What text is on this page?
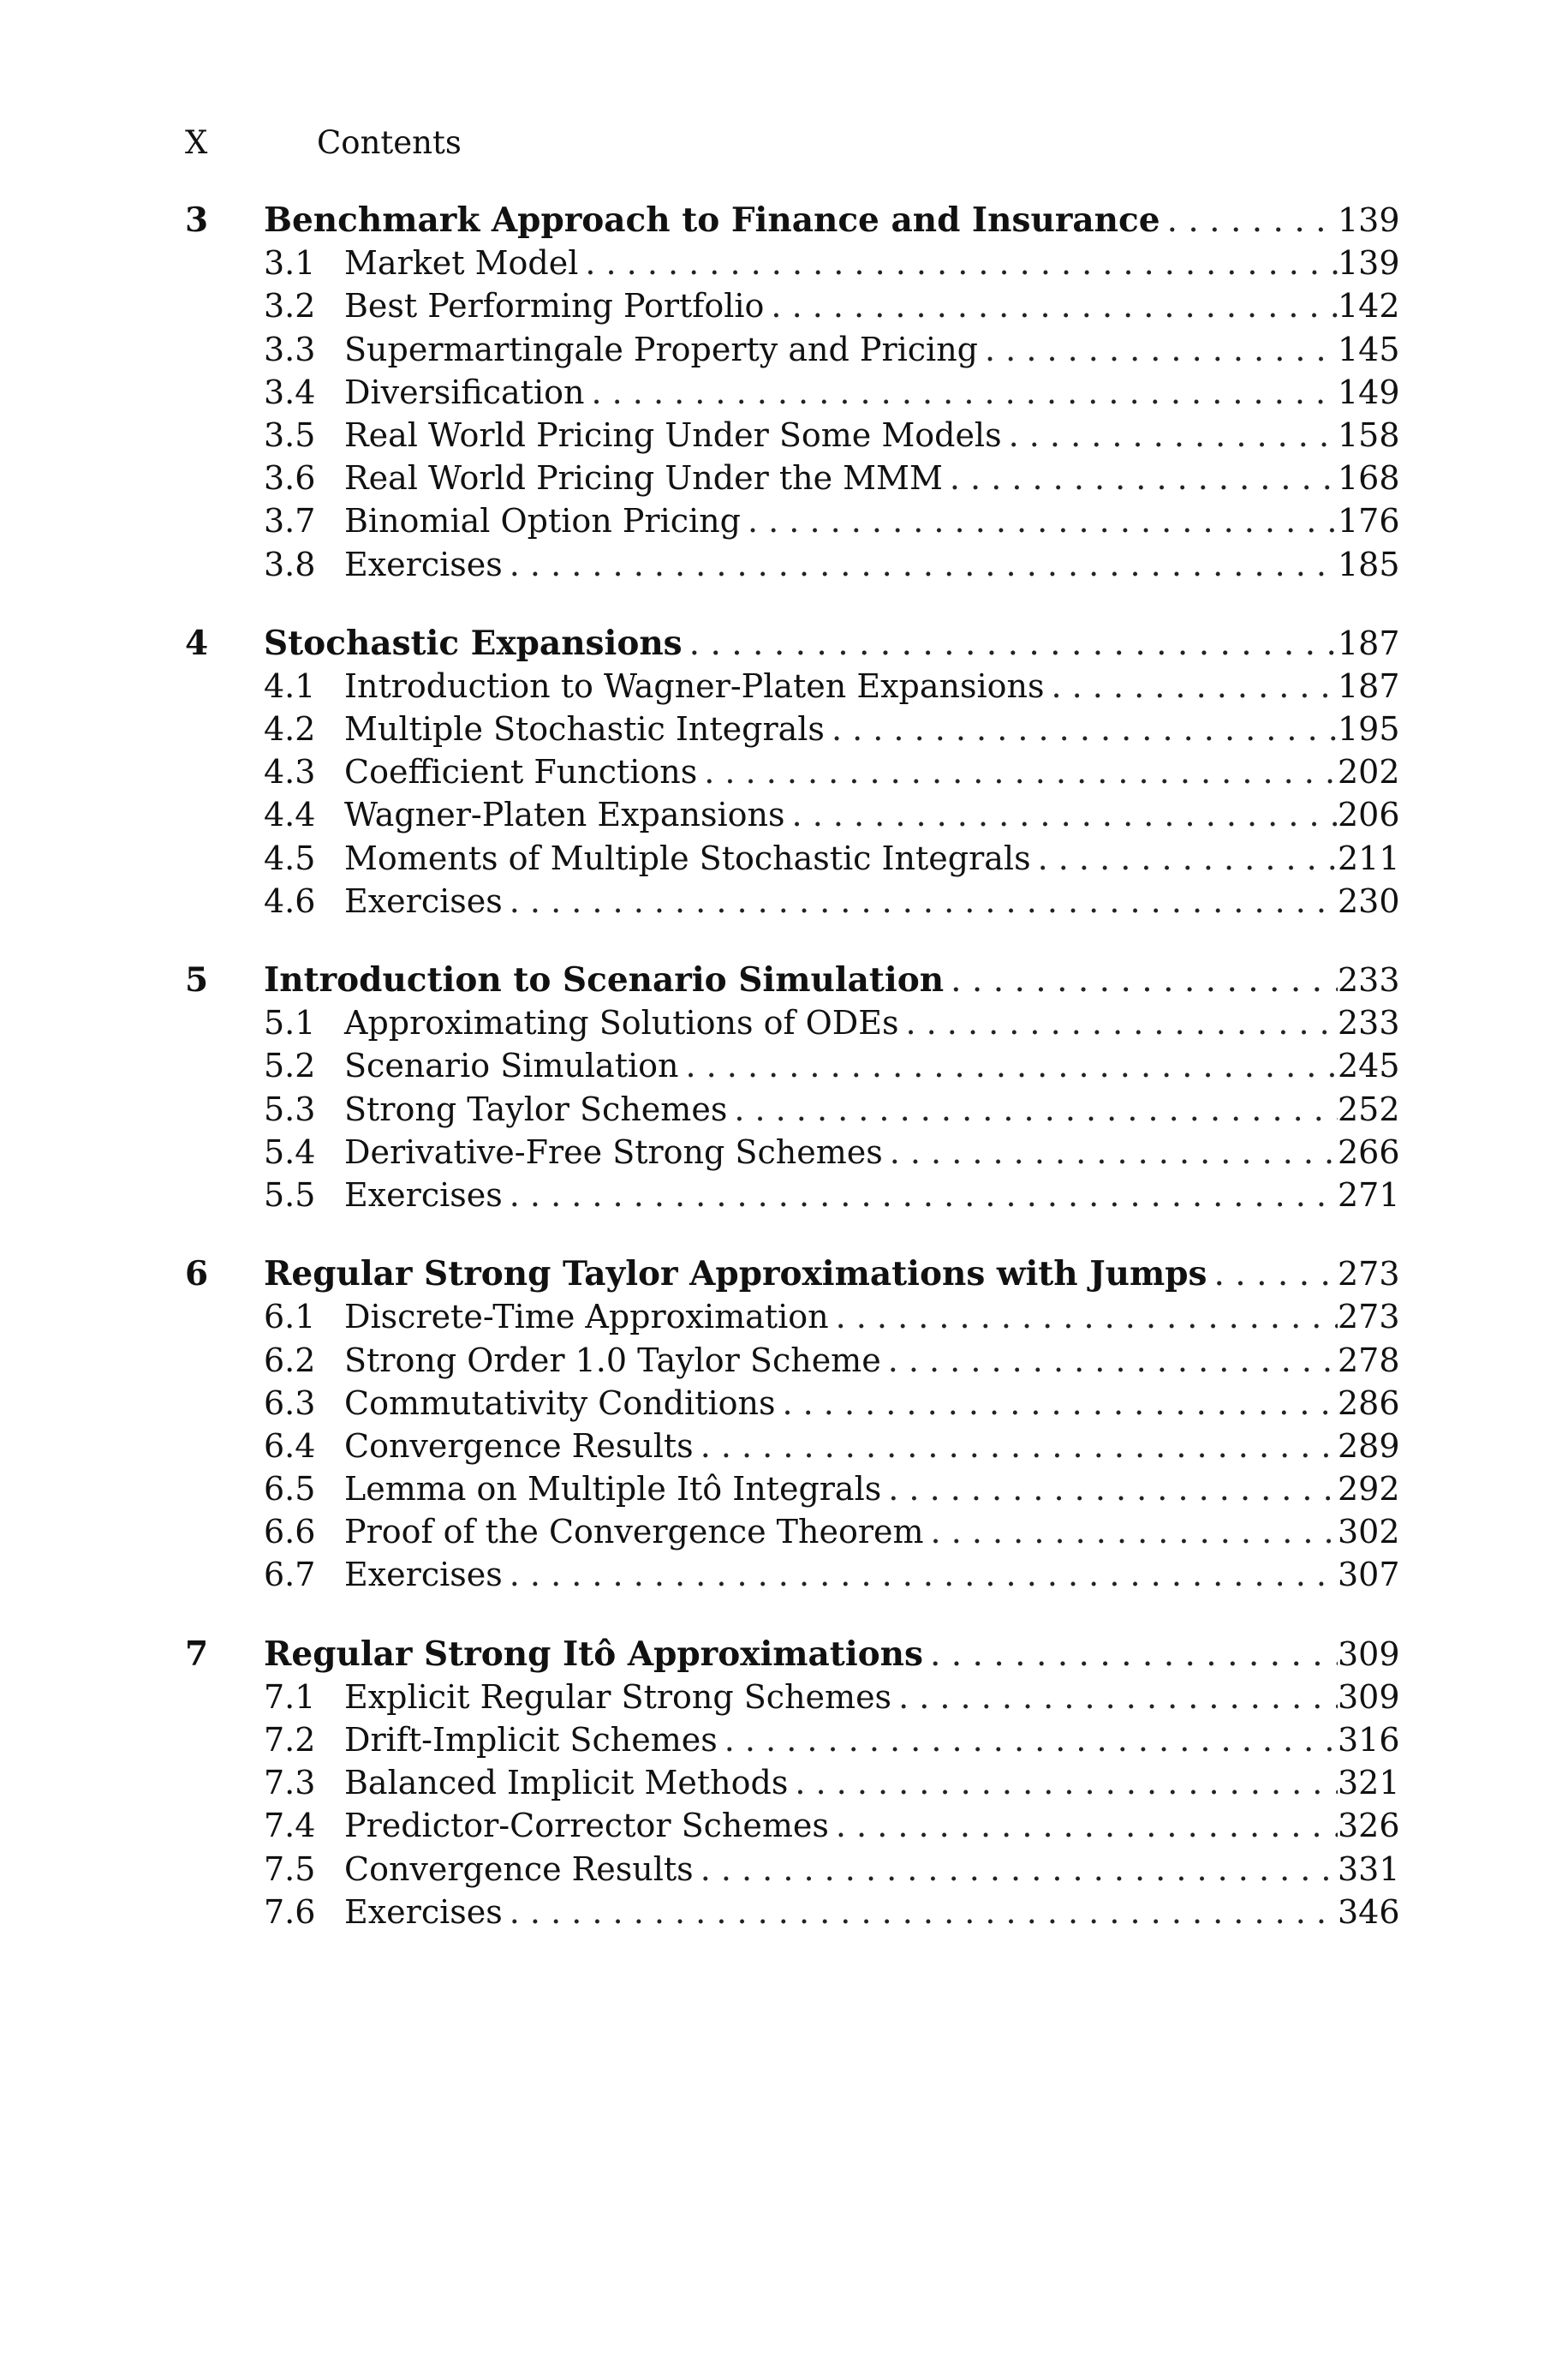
X	Contents
3	Benchmark Approach to Finance and Insurance . . .	139
3.1 Market Model . . .	139
3.2 Best Performing Portfolio . . .	142
3.3 Supermartingale Property and Pricing . . .	145
3.4 Diversification . . .	149
3.5 Real World Pricing Under Some Models . . .	158
3.6 Real World Pricing Under the MMM . . .	168
3.7 Binomial Option Pricing . . .	176
3.8 Exercises . . .	185
4	Stochastic Expansions . . .	187
4.1 Introduction to Wagner-Platen Expansions . . .	187
4.2 Multiple Stochastic Integrals . . .	195
4.3 Coefficient Functions . . .	202
4.4 Wagner-Platen Expansions . . .	206
4.5 Moments of Multiple Stochastic Integrals . . .	211
4.6 Exercises . . .	230
5	Introduction to Scenario Simulation . . .	233
5.1 Approximating Solutions of ODEs . . .	233
5.2 Scenario Simulation . . .	245
5.3 Strong Taylor Schemes . . .	252
5.4 Derivative-Free Strong Schemes . . .	266
5.5 Exercises . . .	271
6	Regular Strong Taylor Approximations with Jumps . . .	273
6.1 Discrete-Time Approximation . . .	273
6.2 Strong Order 1.0 Taylor Scheme . . .	278
6.3 Commutativity Conditions . . .	286
6.4 Convergence Results . . .	289
6.5 Lemma on Multiple Itô Integrals . . .	292
6.6 Proof of the Convergence Theorem . . .	302
6.7 Exercises . . .	307
7	Regular Strong Itô Approximations . . .	309
7.1 Explicit Regular Strong Schemes . . .	309
7.2 Drift-Implicit Schemes . . .	316
7.3 Balanced Implicit Methods . . .	321
7.4 Predictor-Corrector Schemes . . .	326
7.5 Convergence Results . . .	331
7.6 Exercises . . .	346
